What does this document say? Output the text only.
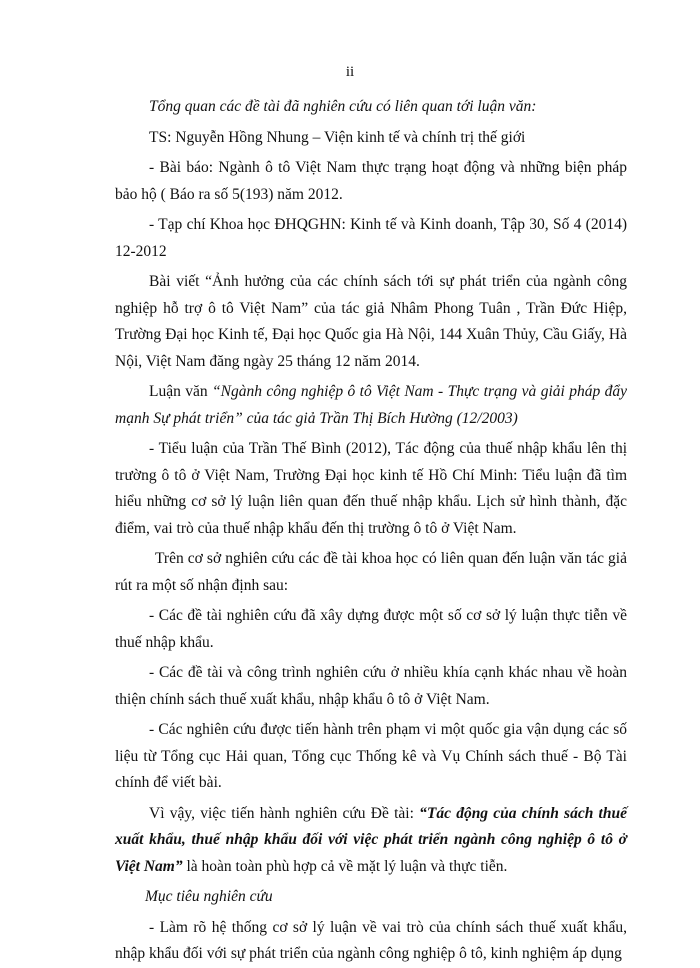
ii

Tổng quan các đề tài đã nghiên cứu có liên quan tới luận văn:

TS: Nguyễn Hồng Nhung – Viện kinh tế và chính trị thế giới

- Bài báo: Ngành ô tô Việt Nam thực trạng hoạt động và những biện pháp bảo hộ ( Báo ra số 5(193) năm 2012.

- Tạp chí Khoa học ĐHQGHN: Kinh tế và Kinh doanh, Tập 30, Số 4 (2014) 12-2012

Bài viết “Ảnh hưởng của các chính sách tới sự phát triển của ngành công nghiệp hỗ trợ ô tô Việt Nam” của tác giả Nhâm Phong Tuân , Trần Đức Hiệp, Trường Đại học Kinh tế, Đại học Quốc gia Hà Nội, 144 Xuân Thủy, Cầu Giấy, Hà Nội, Việt Nam đăng ngày 25 tháng 12 năm 2014.

Luận văn “Ngành công nghiệp ô tô Việt Nam - Thực trạng và giải pháp đẩy mạnh Sự phát triển” của tác giả Trần Thị Bích Hường (12/2003)

- Tiểu luận của Trần Thế Bình (2012), Tác động của thuế nhập khẩu lên thị trường ô tô ở Việt Nam, Trường Đại học kinh tế Hồ Chí Minh: Tiểu luận đã tìm hiểu những cơ sở lý luận liên quan đến thuế nhập khẩu. Lịch sử hình thành, đặc điểm, vai trò của thuế nhập khẩu đến thị trường ô tô ở Việt Nam.

Trên cơ sở nghiên cứu các đề tài khoa học có liên quan đến luận văn tác giả rút ra một số nhận định sau:

- Các đề tài nghiên cứu đã xây dựng được một số cơ sở lý luận thực tiễn về thuế nhập khẩu.

- Các đề tài và công trình nghiên cứu ở nhiều khía cạnh khác nhau về hoàn thiện chính sách thuế xuất khẩu, nhập khẩu ô tô ở Việt Nam.

- Các nghiên cứu được tiến hành trên phạm vi một quốc gia vận dụng các số liệu từ Tổng cục Hải quan, Tổng cục Thống kê và Vụ Chính sách thuế - Bộ Tài chính để viết bài.

Vì vậy, việc tiến hành nghiên cứu Đề tài: “Tác động của chính sách thuế xuất khẩu, thuế nhập khẩu đối với việc phát triển ngành công nghiệp ô tô ở Việt Nam” là hoàn toàn phù hợp cả về mặt lý luận và thực tiễn.

Mục tiêu nghiên cứu

- Làm rõ hệ thống cơ sở lý luận về vai trò của chính sách thuế xuất khẩu, nhập khẩu đối với sự phát triển của ngành công nghiệp ô tô, kinh nghiệm áp dụng
